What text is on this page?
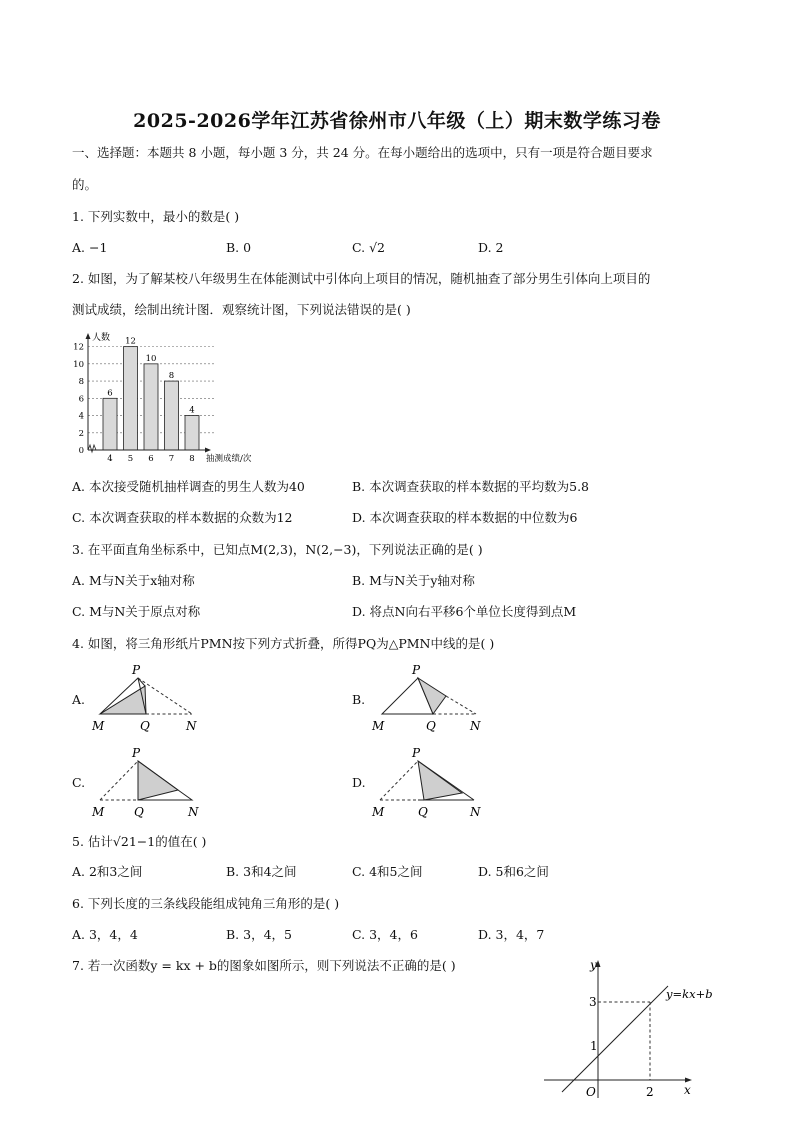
2025-2026学年江苏省徐州市八年级（上）期末数学练习卷
一、选择题：本题共 8 小题，每小题 3 分，共 24 分。在每小题给出的选项中，只有一项是符合题目要求
的。
1. 下列实数中，最小的数是( )
A. −1	B. 0	C. √2	D. 2
2. 如图，为了解某校八年级男生在体能测试中引体向上项目的情况，随机抽查了部分男生引体向上项目的
测试成绩，绘制出统计图．观察统计图，下列说法错误的是( )
人数
抽测成绩/次
0
2
4
6
8
10
12
6
4
12
5
10
6
8
7
4
8
A. 本次接受随机抽样调查的男生人数为40	B. 本次调查获取的样本数据的平均数为5.8
C. 本次调查获取的样本数据的众数为12	D. 本次调查获取的样本数据的中位数为6
3. 在平面直角坐标系中，已知点M(2,3)，N(2,−3)，下列说法正确的是( )
A. M与N关于x轴对称	B. M与N关于y轴对称
C. M与N关于原点对称	D. 将点N向右平移6个单位长度得到点M
4. 如图，将三角形纸片PMN按下列方式折叠，所得PQ为△PMN中线的是( )
A.
P
M	Q	N
B.
P
M	Q	N
C.
P
M Q	N
D.
P
M	Q	N
5. 估计√21−1的值在( )
A. 2和3之间	B. 3和4之间	C. 4和5之间	D. 5和6之间
6. 下列长度的三条线段能组成钝角三角形的是( )
A. 3，4，4	B. 3，4，5	C. 3，4，6	D. 3，4，7
7. 若一次函数y = kx + b的图象如图所示，则下列说法不正确的是( )	y
x
O
y=kx+b
1
2
3
